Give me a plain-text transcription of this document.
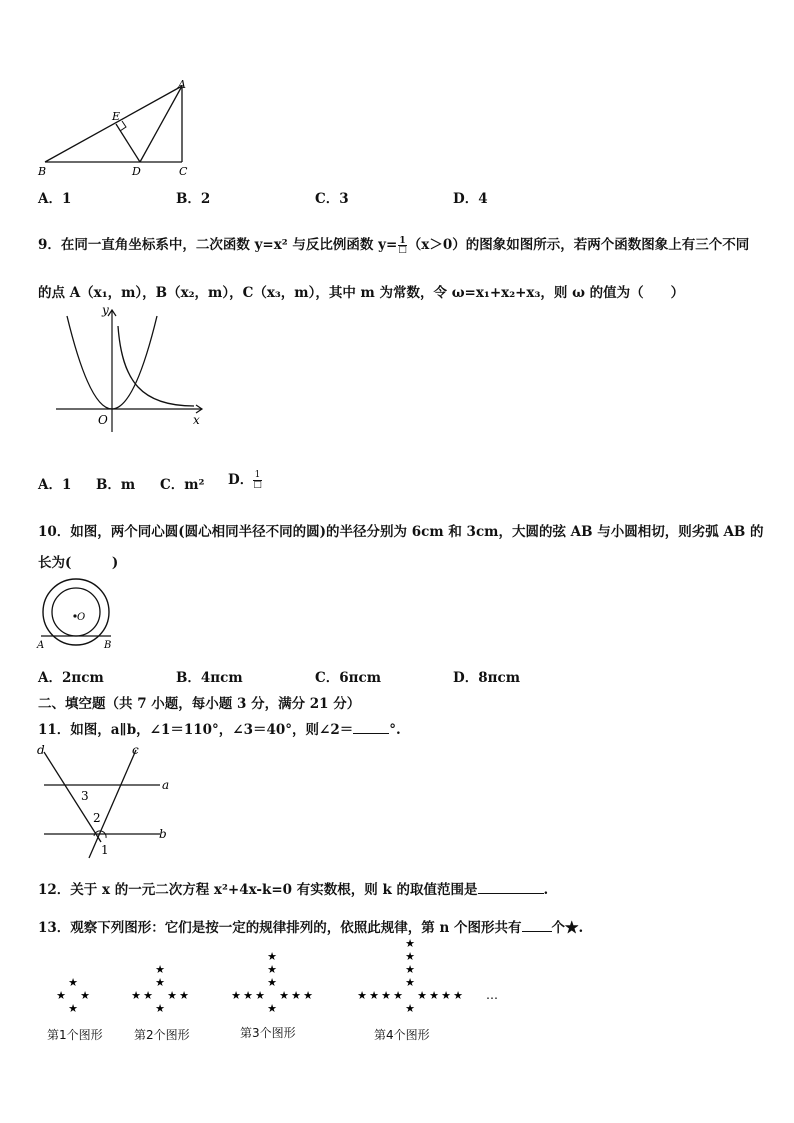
A
E
B	D	C
A．1	B．2	C．3	D．4
9．在同一直角坐标系中，二次函数 y=x² 与反比例函数 y= 1
□ （x＞0）的图象如图所示，若两个函数图象上有三个不同
的点 A（x₁，m），B（x₂，m），C（x₃，m），其中 m 为常数，令 ω=x₁+x₂+x₃，则 ω 的值为（　　）
y
x
O
A．1 B．m C．m² D． 1
□
10．如图，两个同心圆(圆心相同半径不同的圆)的半径分别为 6cm 和 3cm，大圆的弦 AB 与小圆相切，则劣弧 AB 的
长为(　　　)
O
A	B
A．2πcm	B．4πcm	C．6πcm	D．8πcm
二、填空题（共 7 小题，每小题 3 分，满分 21 分）
11．如图，a∥b，∠1＝110°，∠3＝40°，则∠2＝	°.
d	c
a
b
3
2
1
12．关于 x 的一元二次方程 x²+4x-k=0 有实数根，则 k 的取值范围是	.
13．观察下列图形：它们是按一定的规律排列的，依照此规律，第 n 个图形共有 个★.
★
★
★ ★
★
★
★
★ ★
★	★
★
★
★
★
★ ★
★	★
★	★
★
★
★
★
★
★ ★
★	★
★	★
★	★ …
第1个图形	第2个图形	第3个图形	第4个图形
